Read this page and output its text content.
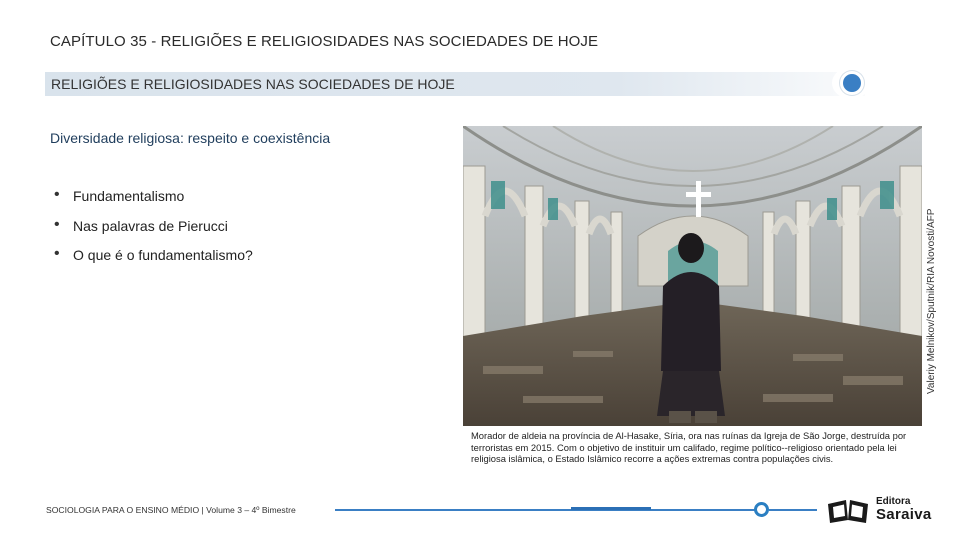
CAPÍTULO 35 - RELIGIÕES E RELIGIOSIDADES NAS SOCIEDADES DE HOJE
RELIGIÕES E RELIGIOSIDADES NAS SOCIEDADES DE HOJE
Diversidade religiosa: respeito e coexistência
• Fundamentalismo
• Nas palavras de Pierucci
• O que é o fundamentalismo?	Valeriy Melnikov/Sputnik/RIA Novosti/AFP
Morador de aldeia na província de Al-Hasake, Síria, ora nas ruínas da Igreja de São Jorge, destruída por terroristas em 2015. Com o objetivo de instituir um califado, regime político--religioso orientado pela lei religiosa islâmica, o Estado Islâmico recorre a ações extremas contra populações civis.
SOCIOLOGIA PARA O ENSINO MÉDIO | Volume 3 – 4º Bimestre
Editora
Saraiva
